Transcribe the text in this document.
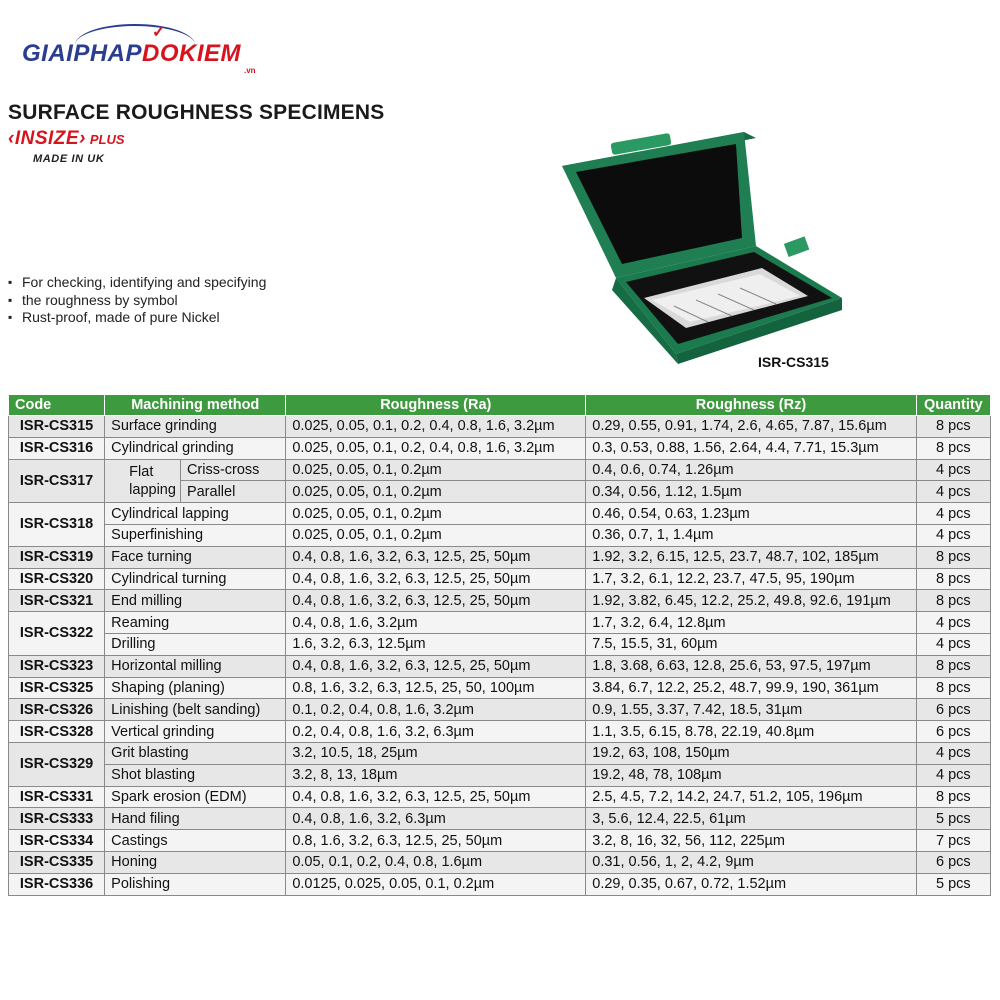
✓
GIAIPHAPDOKIEM
.vn
SURFACE ROUGHNESS SPECIMENS
‹INSIZE› PLUS
MADE IN UK
▪ For checking, identifying and specifying
▪ the roughness by symbol
▪ Rust-proof, made of pure Nickel
ISR-CS315
Code	Machining method		Roughness (Ra)	Roughness (Rz)	Quantity
ISR-CS315	Surface grinding		0.025, 0.05, 0.1, 0.2, 0.4, 0.8, 1.6, 3.2µm	0.29, 0.55, 0.91, 1.74, 2.6, 4.65, 7.87, 15.6µm	8 pcs
ISR-CS316	Cylindrical grinding		0.025, 0.05, 0.1, 0.2, 0.4, 0.8, 1.6, 3.2µm	0.3, 0.53, 0.88, 1.56, 2.64, 4.4, 7.71, 15.3µm	8 pcs
ISR-CS317	Flat lapping	Criss-cross	0.025, 0.05, 0.1, 0.2µm	0.4, 0.6, 0.74, 1.26µm	4 pcs
		Parallel	0.025, 0.05, 0.1, 0.2µm	0.34, 0.56, 1.12, 1.5µm	4 pcs
ISR-CS318	Cylindrical lapping		0.025, 0.05, 0.1, 0.2µm	0.46, 0.54, 0.63, 1.23µm	4 pcs
	Superfinishing		0.025, 0.05, 0.1, 0.2µm	0.36, 0.7, 1, 1.4µm	4 pcs
ISR-CS319	Face turning		0.4, 0.8, 1.6, 3.2, 6.3, 12.5, 25, 50µm	1.92, 3.2, 6.15, 12.5, 23.7, 48.7, 102, 185µm	8 pcs
ISR-CS320	Cylindrical turning		0.4, 0.8, 1.6, 3.2, 6.3, 12.5, 25, 50µm	1.7, 3.2, 6.1, 12.2, 23.7, 47.5, 95, 190µm	8 pcs
ISR-CS321	End milling		0.4, 0.8, 1.6, 3.2, 6.3, 12.5, 25, 50µm	1.92, 3.82, 6.45, 12.2, 25.2, 49.8, 92.6, 191µm	8 pcs
ISR-CS322	Reaming		0.4, 0.8, 1.6, 3.2µm	1.7, 3.2, 6.4, 12.8µm	4 pcs
	Drilling		1.6, 3.2, 6.3, 12.5µm	7.5, 15.5, 31, 60µm	4 pcs
ISR-CS323	Horizontal milling		0.4, 0.8, 1.6, 3.2, 6.3, 12.5, 25, 50µm	1.8, 3.68, 6.63, 12.8, 25.6, 53, 97.5, 197µm	8 pcs
ISR-CS325	Shaping (planing)		0.8, 1.6, 3.2, 6.3, 12.5, 25, 50, 100µm	3.84, 6.7, 12.2, 25.2, 48.7, 99.9, 190, 361µm	8 pcs
ISR-CS326	Linishing (belt sanding)		0.1, 0.2, 0.4, 0.8, 1.6, 3.2µm	0.9, 1.55, 3.37, 7.42, 18.5, 31µm	6 pcs
ISR-CS328	Vertical grinding		0.2, 0.4, 0.8, 1.6, 3.2, 6.3µm	1.1, 3.5, 6.15, 8.78, 22.19, 40.8µm	6 pcs
ISR-CS329	Grit blasting		3.2, 10.5, 18, 25µm	19.2, 63, 108, 150µm	4 pcs
	Shot blasting		3.2, 8, 13, 18µm	19.2, 48, 78, 108µm	4 pcs
ISR-CS331	Spark erosion (EDM)		0.4, 0.8, 1.6, 3.2, 6.3, 12.5, 25, 50µm	2.5, 4.5, 7.2, 14.2, 24.7, 51.2, 105, 196µm	8 pcs
ISR-CS333	Hand filing		0.4, 0.8, 1.6, 3.2, 6.3µm	3, 5.6, 12.4, 22.5, 61µm	5 pcs
ISR-CS334	Castings		0.8, 1.6, 3.2, 6.3, 12.5, 25, 50µm	3.2, 8, 16, 32, 56, 112, 225µm	7 pcs
ISR-CS335	Honing		0.05, 0.1, 0.2, 0.4, 0.8, 1.6µm	0.31, 0.56, 1, 2, 4.2, 9µm	6 pcs
ISR-CS336	Polishing		0.0125, 0.025, 0.05, 0.1, 0.2µm	0.29, 0.35, 0.67, 0.72, 1.52µm	5 pcs
